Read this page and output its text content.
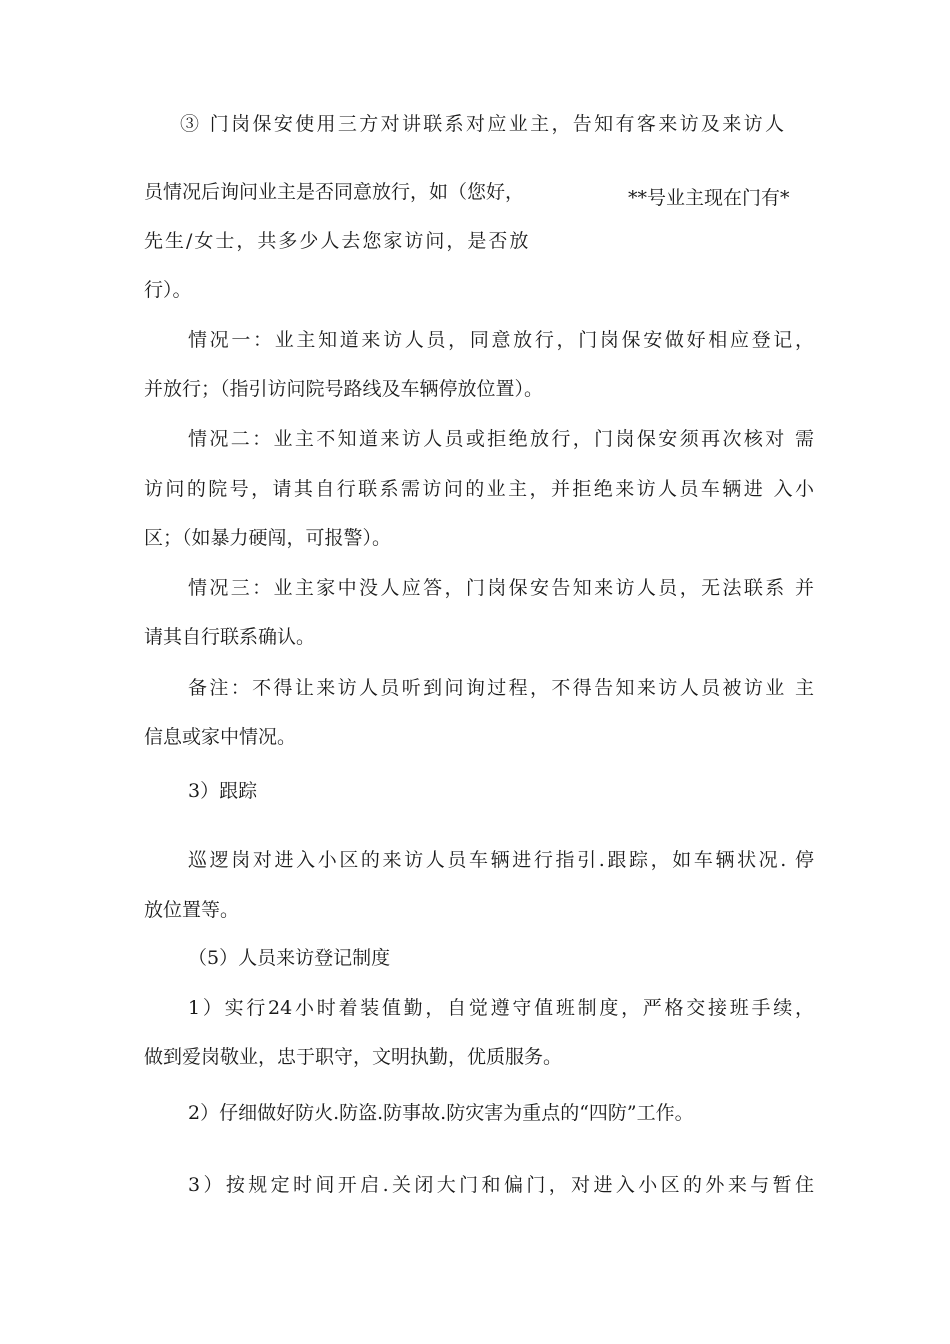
③ 门岗保安使用三方对讲联系对应业主，告知有客来访及来访人

员情况后询问业主是否同意放行，如（您好，	**号业主现在门有*

先生/女士，共多少人去您家访问，是否放

行）。

情况一：业主知道来访人员，同意放行，门岗保安做好相应登记，

并放行；（指引访问院号路线及车辆停放位置）。

情况二：业主不知道来访人员或拒绝放行，门岗保安须再次核对 需

访问的院号，请其自行联系需访问的业主，并拒绝来访人员车辆进 入小

区；（如暴力硬闯，可报警）。

情况三：业主家中没人应答，门岗保安告知来访人员，无法联系 并

请其自行联系确认。

备注：不得让来访人员听到问询过程，不得告知来访人员被访业 主

信息或家中情况。

3）跟踪

巡逻岗对进入小区的来访人员车辆进行指引.跟踪，如车辆状况. 停

放位置等。

（5）人员来访登记制度

1）实行24小时着装值勤，自觉遵守值班制度，严格交接班手续，

做到爱岗敬业，忠于职守，文明执勤，优质服务。

2）仔细做好防火.防盗.防事故.防灾害为重点的“四防”工作。

3）按规定时间开启.关闭大门和偏门，对进入小区的外来与暂住
